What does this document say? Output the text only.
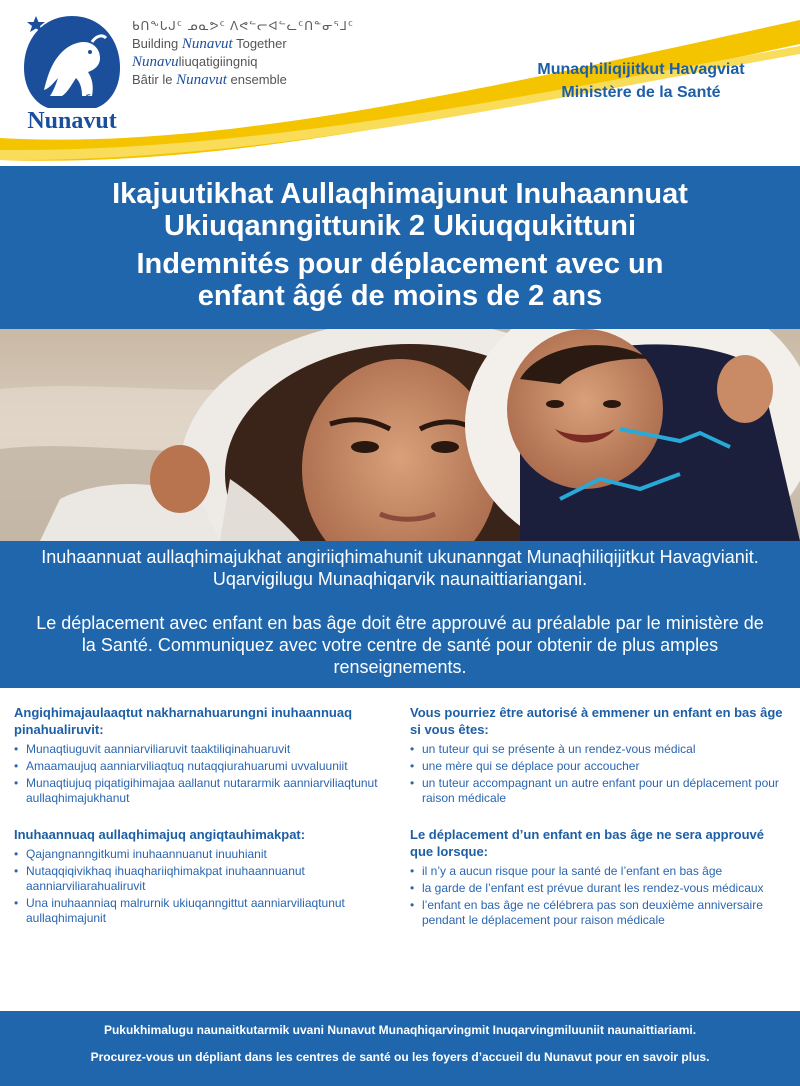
ᓄᓇᕗᑦ
Nunavut
ᑲᑎᖕᒐᒍᑦ ᓄᓇᕗᑦ ᐱᕙᓪᓕᐊᓪᓚᑦᑎᓐᓂᕐᒧᑦ
Building Nunavut Together
Nunavuliuqatigiingniq
Bâtir le Nunavut ensemble
Munaqhiliqijitkut Havagviat
Ministère de la Santé
Ikajuutikhat Aullaqhimajunut Inuhaannuat
Ukiuqanngittunik 2 Ukiuqqukittuni
Indemnités pour déplacement avec un
enfant âgé de moins de 2 ans

Inuhaannuat aullaqhimajukhat angiriiqhimahunit ukunanngat Munaqhiliqijitkut Havagvianit. Uqarvigilugu Munaqhiqarvik naunaittiariangani.

Le déplacement avec enfant en bas âge doit être approuvé au préalable par le ministère de la Santé. Communiquez avec votre centre de santé pour obtenir de plus amples renseignements.

Angiqhimajaulaaqtut nakharnahuarungni inuhaannuaq pinahualiruvit:
• Munaqtiuguvit aanniarviliaruvit taaktiliqinahuaruvit
• Amaamaujuq aanniarviliaqtuq nutaqqiurahuarumi uvvaluuniit
• Munaqtiujuq piqatigihimajaa aallanut nutararmik aanniarviliaqtunut aullaqhimajukhanut
Inuhaannuaq aullaqhimajuq angiqtauhimakpat:
• Qajangnanngitkumi inuhaannuanut inuuhianit
• Nutaqqiqivikhaq ihuaqhariiqhimakpat inuhaannuanut aanniarviliarahualiruvit
• Una inuhaanniaq malrurnik ukiuqanngittut aanniarviliaqtunut aullaqhimajunit
Vous pourriez être autorisé à emmener un enfant en bas âge si vous êtes:
• un tuteur qui se présente à un rendez-vous médical
• une mère qui se déplace pour accoucher
• un tuteur accompagnant un autre enfant pour un déplacement pour raison médicale
Le déplacement d’un enfant en bas âge ne sera approuvé que lorsque:
• il n’y a aucun risque pour la santé de l’enfant en bas âge
• la garde de l’enfant est prévue durant les rendez-vous médicaux
• l’enfant en bas âge ne célébrera pas son deuxième anniversaire pendant le déplacement pour raison médicale
Pukukhimalugu naunaitkutarmik uvani Nunavut Munaqhiqarvingmit Inuqarvingmiluuniit naunaittiariami.
Procurez-vous un dépliant dans les centres de santé ou les foyers d’accueil du Nunavut pour en savoir plus.
